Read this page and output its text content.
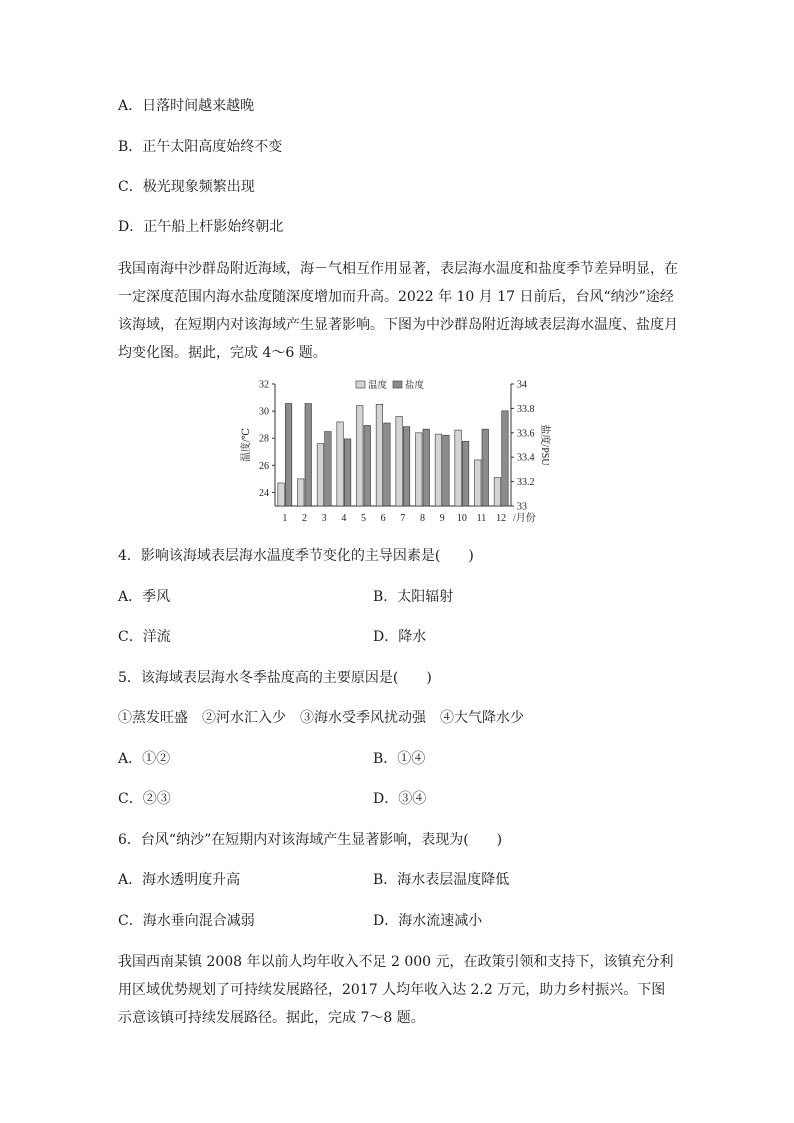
A．日落时间越来越晚
B．正午太阳高度始终不变
C．极光现象频繁出现
D．正午船上杆影始终朝北
我国南海中沙群岛附近海域，海－气相互作用显著，表层海水温度和盐度季节差异明显，在一定深度范围内海水盐度随深度增加而升高。2022 年 10 月 17 日前后，台风“纳沙”途经该海域，在短期内对该海域产生显著影响。下图为中沙群岛附近海域表层海水温度、盐度月均变化图。据此，完成 4～6 题。
24
26
28
30
32
33
33.2
33.4
33.6
33.8
34
温度/℃	盐度/PSU
1 2 3 4 5 6 7 8 9 10 11 12 /月份
温度 盐度
4．影响该海域表层海水温度季节变化的主导因素是(　　)
A．季风	B．太阳辐射
C．洋流	D．降水
5．该海域表层海水冬季盐度高的主要原因是(　　)
①蒸发旺盛　②河水汇入少　③海水受季风扰动强　④大气降水少
A．①②	B．①④
C．②③	D．③④
6．台风“纳沙”在短期内对该海域产生显著影响，表现为(　　)
A．海水透明度升高	B．海水表层温度降低
C．海水垂向混合减弱	D．海水流速减小
我国西南某镇 2008 年以前人均年收入不足 2 000 元，在政策引领和支持下，该镇充分利用区域优势规划了可持续发展路径，2017 人均年收入达 2.2 万元，助力乡村振兴。下图示意该镇可持续发展路径。据此，完成 7～8 题。
